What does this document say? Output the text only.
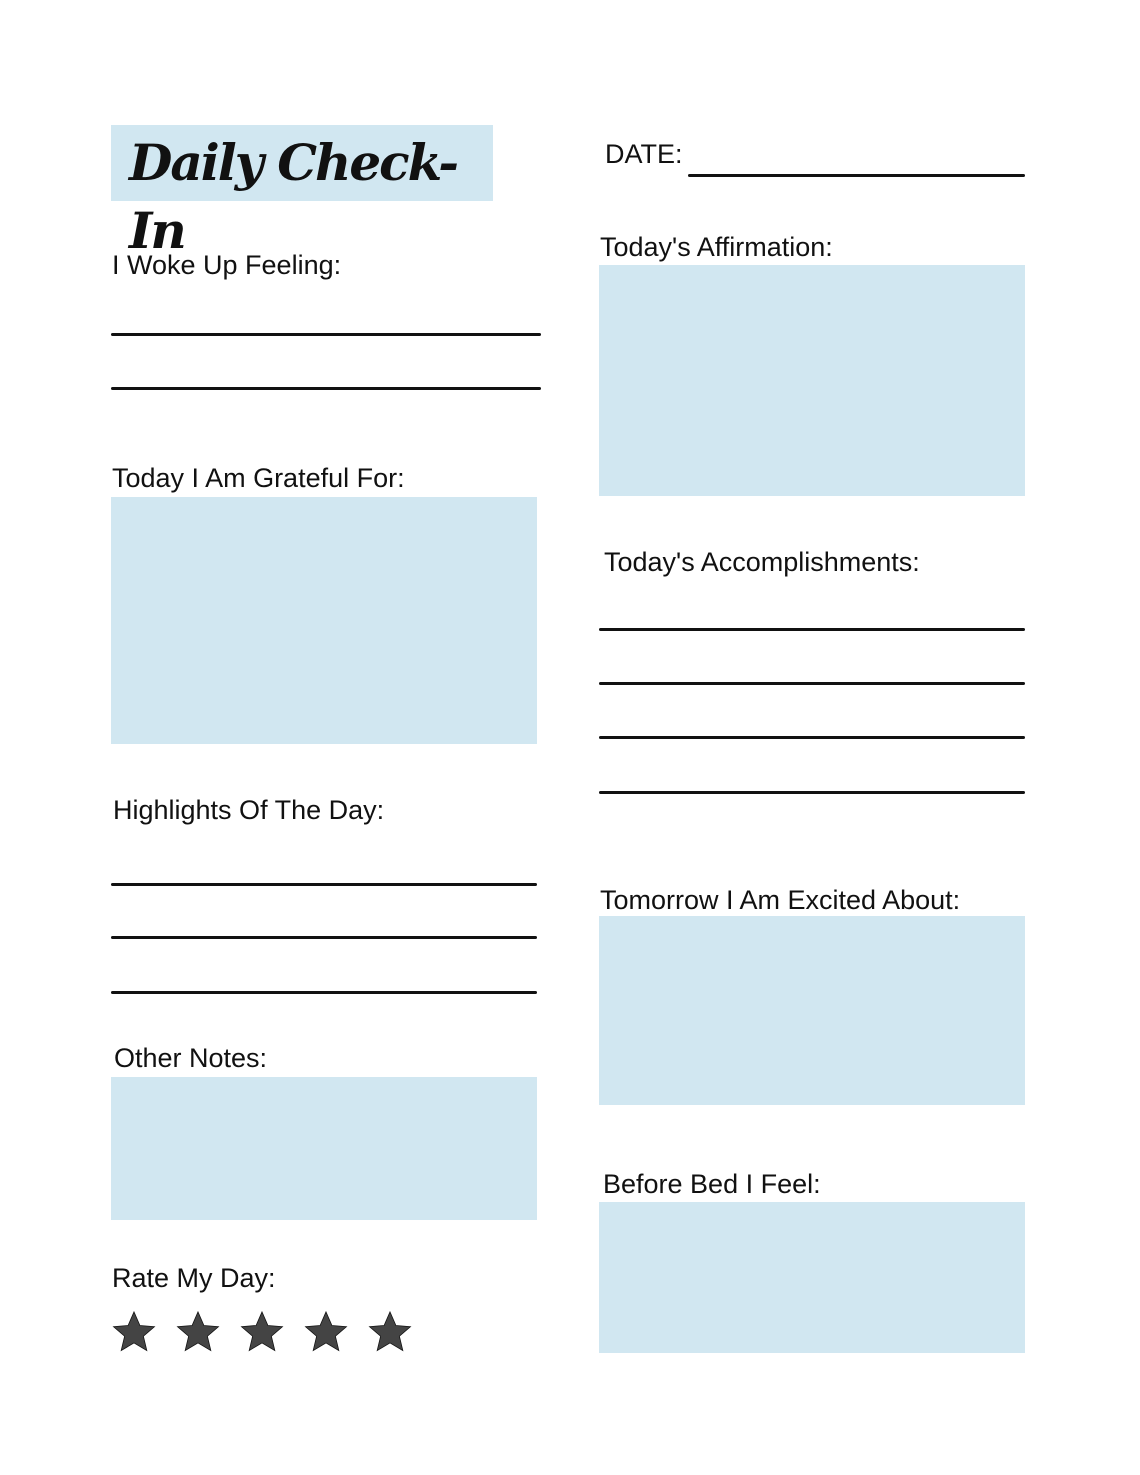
Daily Check-In
DATE:
I Woke Up Feeling:
Today I Am Grateful For:
Highlights Of The Day:
Other Notes:
Rate My Day:
Today's Affirmation:
Today's Accomplishments:
Tomorrow I Am Excited About:
Before Bed I Feel:
